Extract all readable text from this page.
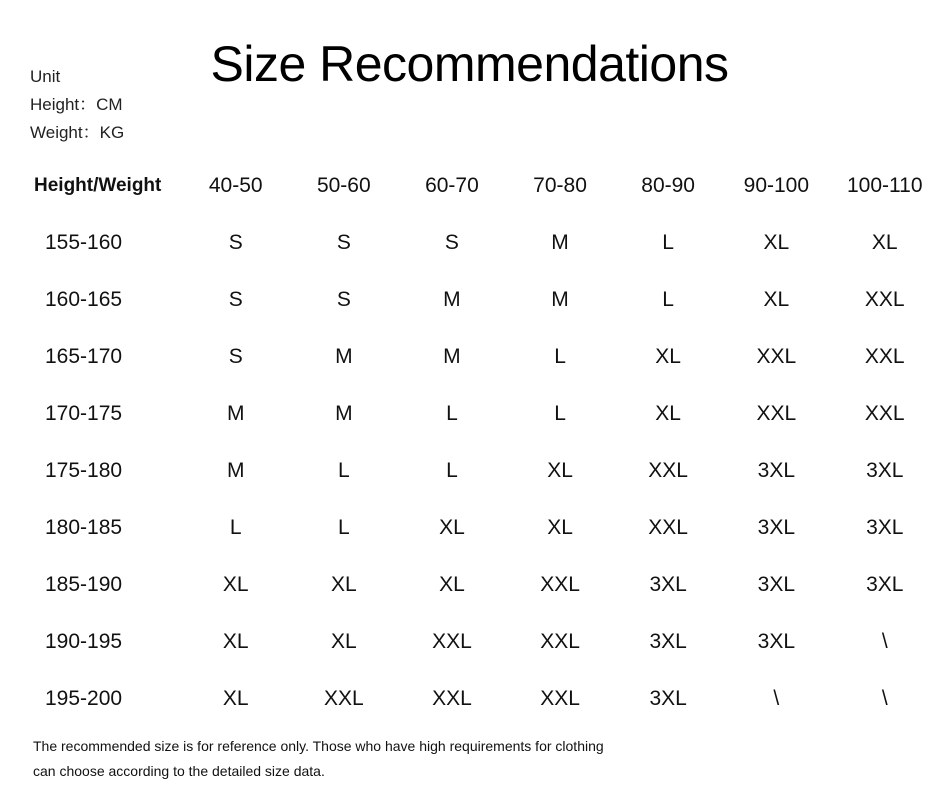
Unit
Height：CM
Weight：KG
Size Recommendations
Height/Weight	40-50	50-60	60-70	70-80	80-90	90-100	100-110
155-160	S	S	S	M	L	XL	XL
160-165	S	S	M	M	L	XL	XXL
165-170	S	M	M	L	XL	XXL	XXL
170-175	M	M	L	L	XL	XXL	XXL
175-180	M	L	L	XL	XXL	3XL	3XL
180-185	L	L	XL	XL	XXL	3XL	3XL
185-190	XL	XL	XL	XXL	3XL	3XL	3XL
190-195	XL	XL	XXL	XXL	3XL	3XL	\
195-200	XL	XXL	XXL	XXL	3XL	\	\
The recommended size is for reference only. Those who have high requirements for clothing
can choose according to the detailed size data.
